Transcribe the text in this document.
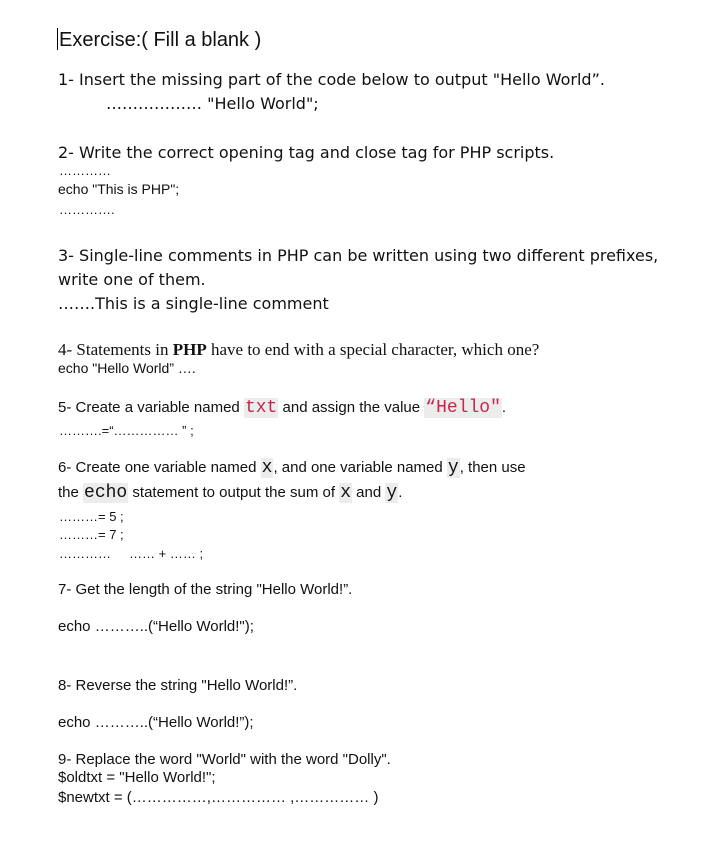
Exercise:( Fill a blank )
1- Insert the missing part of the code below to output "Hello World”.
……………… "Hello World";
2- Write the correct opening tag and close tag for PHP scripts.
…………
echo "This is PHP";
………….
3- Single-line comments in PHP can be written using two different prefixes,
write one of them.
…….This is a single-line comment
4- Statements in PHP have to end with a special character, which one?
echo "Hello World” ….
5- Create a variable named txt and assign the value “Hello".
……….=“…………… ” ;
6- Create one variable named x, and one variable named y, then use
the echo statement to output the sum of x and y.
………= 5 ;
………= 7 ;
…………     …… + …… ;
7- Get the length of the string "Hello World!”.
echo ………..(“Hello World!");
8- Reverse the string "Hello World!”.
echo ………..(“Hello World!”);
9- Replace the word "World" with the word "Dolly".
$oldtxt = "Hello World!";
$newtxt = (……………,…………… ,…………… )
